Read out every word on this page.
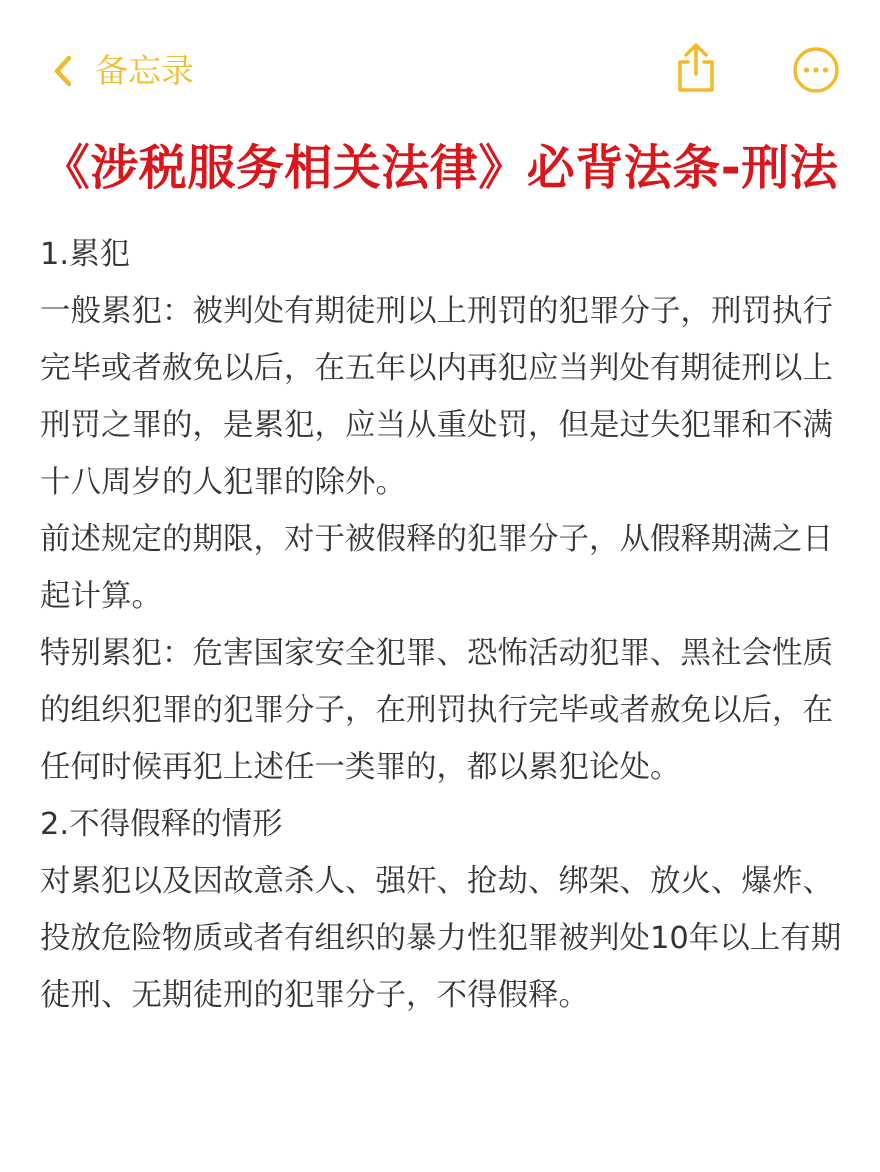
备忘录
《涉税服务相关法律》必背法条-刑法

1.累犯

一般累犯：被判处有期徒刑以上刑罚的犯罪分子，刑罚执行完毕或者赦免以后，在五年以内再犯应当判处有期徒刑以上刑罚之罪的，是累犯，应当从重处罚，但是过失犯罪和不满十八周岁的人犯罪的除外。

前述规定的期限，对于被假释的犯罪分子，从假释期满之日起计算。

特别累犯：危害国家安全犯罪、恐怖活动犯罪、黑社会性质的组织犯罪的犯罪分子，在刑罚执行完毕或者赦免以后，在任何时候再犯上述任一类罪的，都以累犯论处。

2.不得假释的情形

对累犯以及因故意杀人、强奸、抢劫、绑架、放火、爆炸、投放危险物质或者有组织的暴力性犯罪被判处10年以上有期徒刑、无期徒刑的犯罪分子，不得假释。
